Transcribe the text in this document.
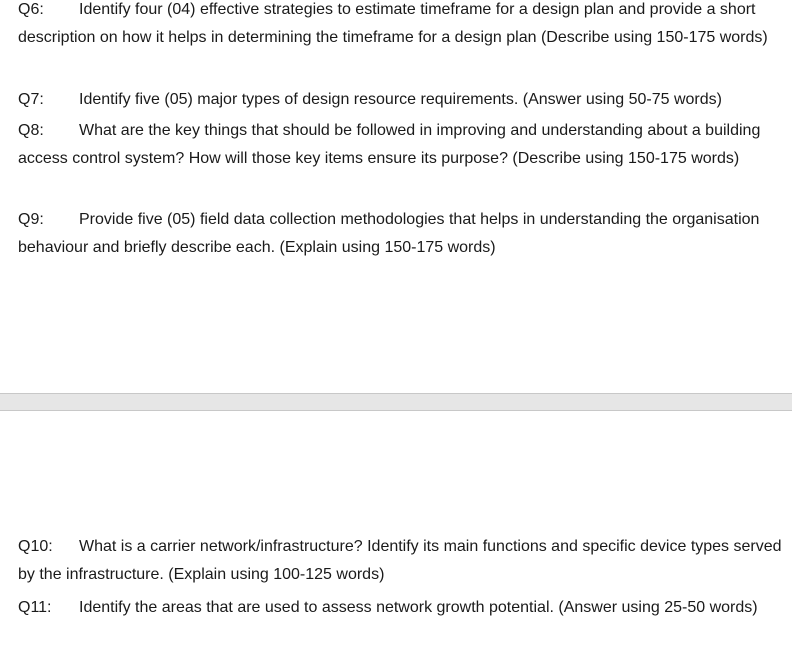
Q6: Identify four (04) effective strategies to estimate timeframe for a design plan and provide a short description on how it helps in determining the timeframe for a design plan (Describe using 150-175 words)

Q7: Identify five (05) major types of design resource requirements. (Answer using 50-75 words)

Q8: What are the key things that should be followed in improving and understanding about a building access control system? How will those key items ensure its purpose? (Describe using 150-175 words)

Q9: Provide five (05) field data collection methodologies that helps in understanding the organisation behaviour and briefly describe each. (Explain using 150-175 words)

Q10: What is a carrier network/infrastructure? Identify its main functions and specific device types served by the infrastructure. (Explain using 100-125 words)

Q11: Identify the areas that are used to assess network growth potential. (Answer using 25-50 words)
